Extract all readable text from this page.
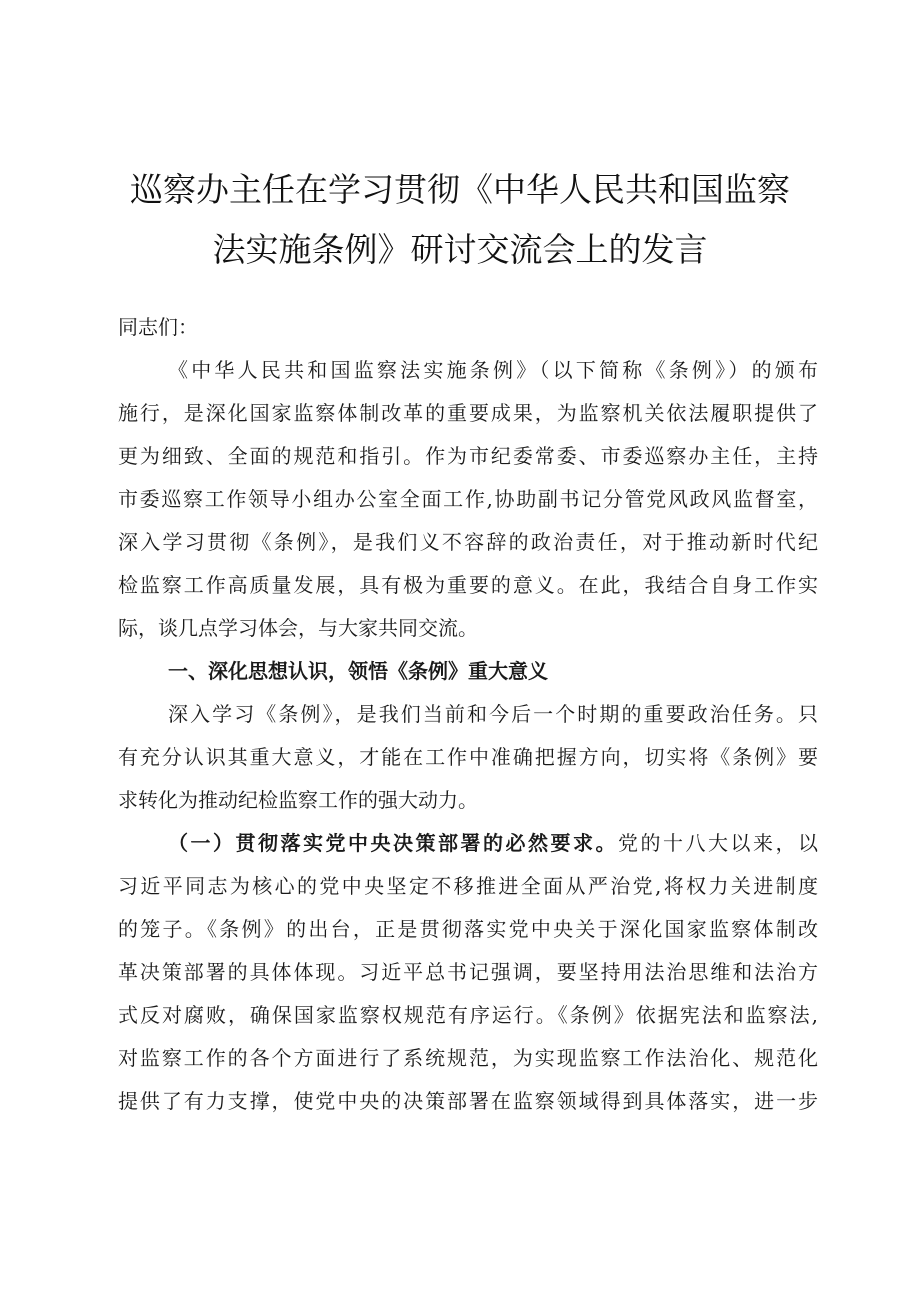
巡察办主任在学习贯彻《中华人民共和国监察
法实施条例》研讨交流会上的发言

同志们：

《中华人民共和国监察法实施条例》（以下简称《条例》）的颁布
施行，是深化国家监察体制改革的重要成果，为监察机关依法履职提供了
更为细致、全面的规范和指引。作为市纪委常委、市委巡察办主任，主持
市委巡察工作领导小组办公室全面工作,协助副书记分管党风政风监督室，
深入学习贯彻《条例》，是我们义不容辞的政治责任，对于推动新时代纪
检监察工作高质量发展，具有极为重要的意义。在此，我结合自身工作实
际，谈几点学习体会，与大家共同交流。

一、深化思想认识，领悟《条例》重大意义

深入学习《条例》，是我们当前和今后一个时期的重要政治任务。只
有充分认识其重大意义，才能在工作中准确把握方向，切实将《条例》要
求转化为推动纪检监察工作的强大动力。

（一）贯彻落实党中央决策部署的必然要求。党的十八大以来，以
习近平同志为核心的党中央坚定不移推进全面从严治党,将权力关进制度
的笼子。《条例》的出台，正是贯彻落实党中央关于深化国家监察体制改
革决策部署的具体体现。习近平总书记强调，要坚持用法治思维和法治方
式反对腐败，确保国家监察权规范有序运行。《条例》依据宪法和监察法,
对监察工作的各个方面进行了系统规范，为实现监察工作法治化、规范化
提供了有力支撑，使党中央的决策部署在监察领域得到具体落实，进一步
